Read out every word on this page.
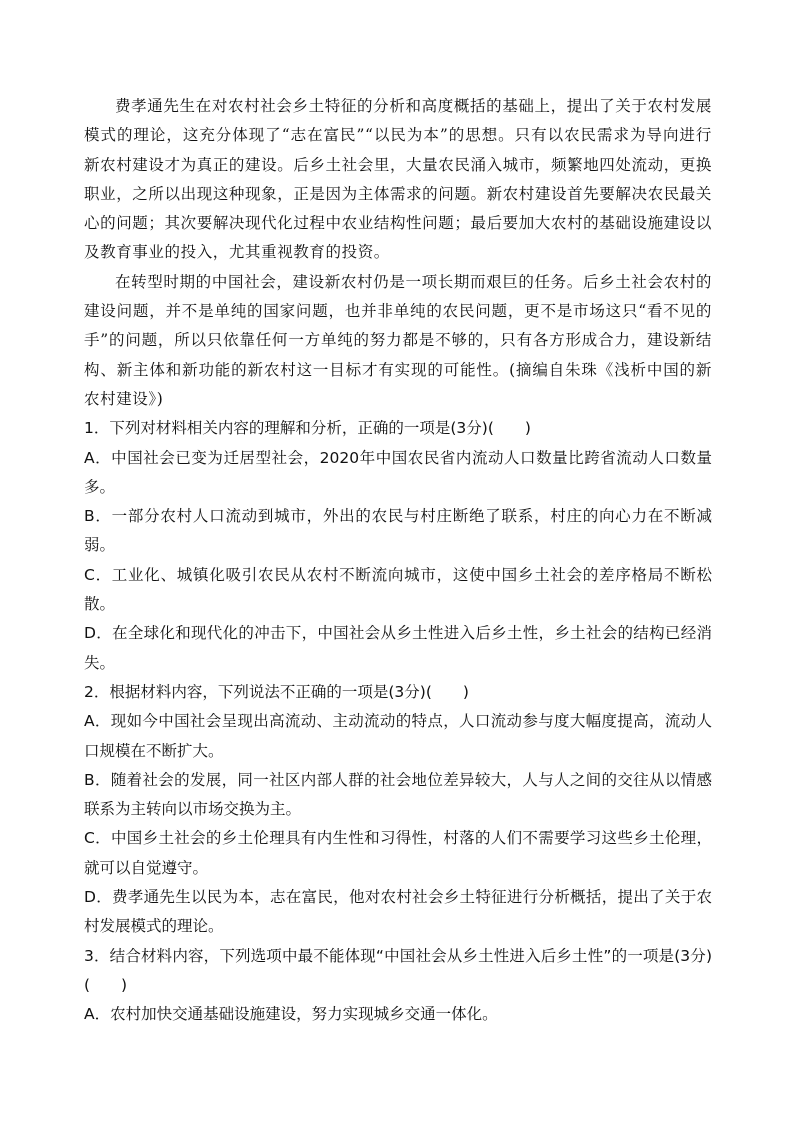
费孝通先生在对农村社会乡土特征的分析和高度概括的基础上，提出了关于农村发展模式的理论，这充分体现了“志在富民”“以民为本”的思想。只有以农民需求为导向进行新农村建设才为真正的建设。后乡土社会里，大量农民涌入城市，频繁地四处流动，更换职业，之所以出现这种现象，正是因为主体需求的问题。新农村建设首先要解决农民最关心的问题；其次要解决现代化过程中农业结构性问题；最后要加大农村的基础设施建设以及教育事业的投入，尤其重视教育的投资。

在转型时期的中国社会，建设新农村仍是一项长期而艰巨的任务。后乡土社会农村的建设问题，并不是单纯的国家问题，也并非单纯的农民问题，更不是市场这只“看不见的手”的问题，所以只依靠任何一方单纯的努力都是不够的，只有各方形成合力，建设新结构、新主体和新功能的新农村这一目标才有实现的可能性。(摘编自朱珠《浅析中国的新农村建设》)

1．下列对材料相关内容的理解和分析，正确的一项是(3分)(　　)

A．中国社会已变为迁居型社会，2020年中国农民省内流动人口数量比跨省流动人口数量多。

B．一部分农村人口流动到城市，外出的农民与村庄断绝了联系，村庄的向心力在不断减弱。

C．工业化、城镇化吸引农民从农村不断流向城市，这使中国乡土社会的差序格局不断松散。

D．在全球化和现代化的冲击下，中国社会从乡土性进入后乡土性，乡土社会的结构已经消失。

2．根据材料内容，下列说法不正确的一项是(3分)(　　)

A．现如今中国社会呈现出高流动、主动流动的特点，人口流动参与度大幅度提高，流动人口规模在不断扩大。

B．随着社会的发展，同一社区内部人群的社会地位差异较大，人与人之间的交往从以情感联系为主转向以市场交换为主。

C．中国乡土社会的乡土伦理具有内生性和习得性，村落的人们不需要学习这些乡土伦理，就可以自觉遵守。

D．费孝通先生以民为本，志在富民，他对农村社会乡土特征进行分析概括，提出了关于农村发展模式的理论。

3．结合材料内容，下列选项中最不能体现“中国社会从乡土性进入后乡土性”的一项是(3分)(　　)

A．农村加快交通基础设施建设，努力实现城乡交通一体化。
